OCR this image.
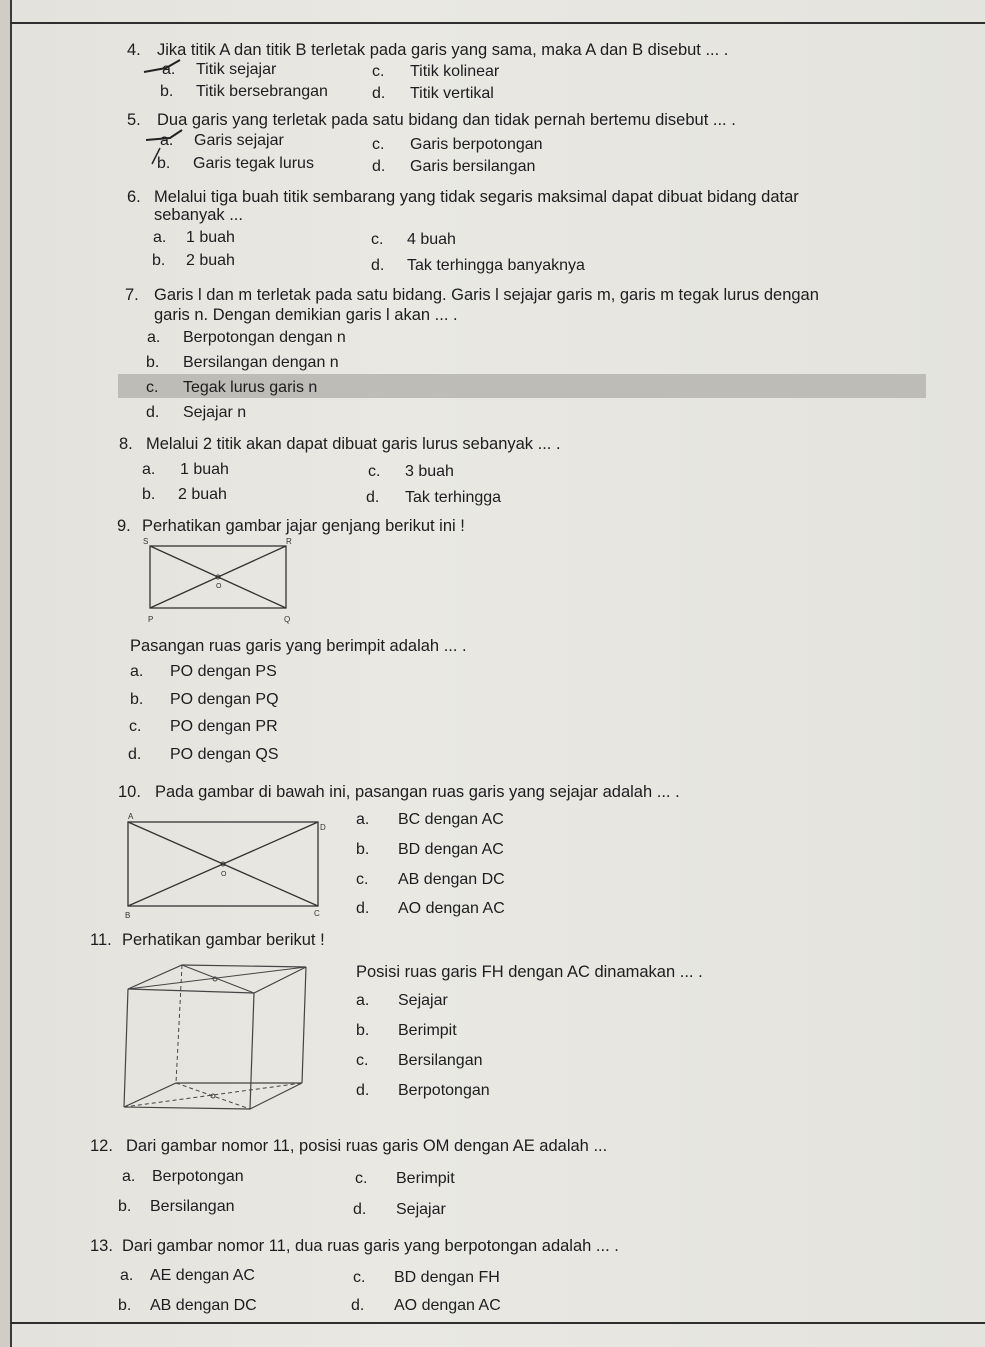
4. Jika titik A dan titik B terletak pada garis yang sama, maka A dan B disebut ... .
a. Titik sejajar	c. Titik kolinear
b. Titik bersebrangan	d. Titik vertikal
5. Dua garis yang terletak pada satu bidang dan tidak pernah bertemu disebut ... .
a. Garis sejajar	c. Garis berpotongan
b. Garis tegak lurus	d. Garis bersilangan
6. Melalui tiga buah titik sembarang yang tidak segaris maksimal dapat dibuat bidang datar
sebanyak ...
a. 1 buah	c. 4 buah
b. 2 buah	d. Tak terhingga banyaknya
7. Garis l dan m terletak pada satu bidang. Garis l sejajar garis m, garis m tegak lurus dengan
garis n. Dengan demikian garis l akan ... .
a. Berpotongan dengan n
b. Bersilangan dengan n
c. Tegak lurus garis n
d. Sejajar n
8. Melalui 2 titik akan dapat dibuat garis lurus sebanyak ... .
a. 1 buah	c. 3 buah
b. 2 buah	d. Tak terhingga
9. Perhatikan gambar jajar genjang berikut ini !
S	R
O
P	Q
Pasangan ruas garis yang berimpit adalah ... .
a. PO dengan PS
b. PO dengan PQ
c. PO dengan PR
d. PO dengan QS
10. Pada gambar di bawah ini, pasangan ruas garis yang sejajar adalah ... .
A
D
O
B	C
a. BC dengan AC
b. BD dengan AC
c. AB dengan DC
d. AO dengan AC
11. Perhatikan gambar berikut !
Posisi ruas garis FH dengan AC dinamakan ... .
a. Sejajar
b. Berimpit
c. Bersilangan
d. Berpotongan
12. Dari gambar nomor 11, posisi ruas garis OM dengan AE adalah ...
a. Berpotongan	c. Berimpit
b. Bersilangan	d. Sejajar
13. Dari gambar nomor 11, dua ruas garis yang berpotongan adalah ... .
a. AE dengan AC	c. BD dengan FH
b. AB dengan DC	d. AO dengan AC
